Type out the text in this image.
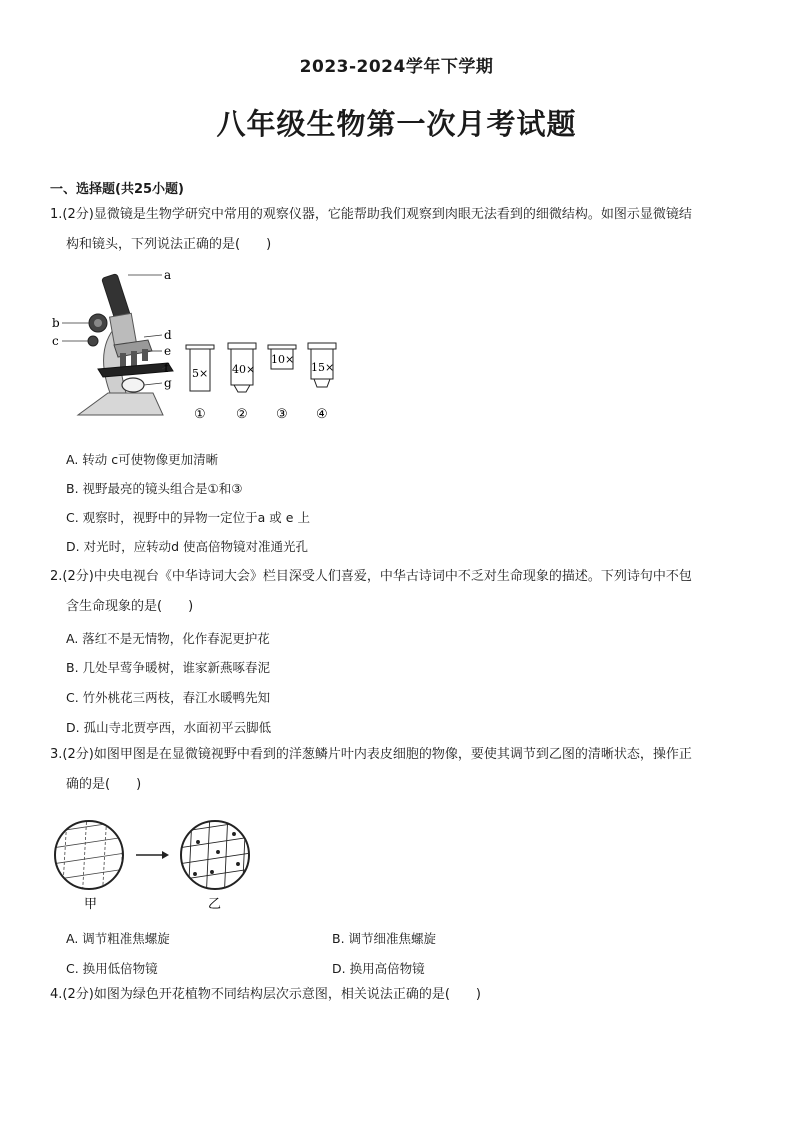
2023-2024学年下学期
八年级生物第一次月考试题
一、选择题(共25小题)
1.(2分)显微镜是生物学研究中常用的观察仪器，它能帮助我们观察到肉眼无法看到的细微结构。如图示显微镜结
构和镜头，下列说法正确的是(　　)
a
b
c	d
e
f
g
5×
①
40×
②
10×
③
15×
④
A. 转动 c可使物像更加清晰
B. 视野最亮的镜头组合是①和③
C. 观察时，视野中的异物一定位于a 或 e 上
D. 对光时，应转动d 使高倍物镜对准通光孔
2.(2分)中央电视台《中华诗词大会》栏目深受人们喜爱，中华古诗词中不乏对生命现象的描述。下列诗句中不包
含生命现象的是(　　)
A. 落红不是无情物，化作春泥更护花
B. 几处早莺争暖树，谁家新燕啄春泥
C. 竹外桃花三两枝，春江水暖鸭先知
D. 孤山寺北贾亭西，水面初平云脚低
3.(2分)如图甲图是在显微镜视野中看到的洋葱鳞片叶内表皮细胞的物像，要使其调节到乙图的清晰状态，操作正
确的是(　　)
甲	乙
A. 调节粗准焦螺旋	B. 调节细准焦螺旋
C. 换用低倍物镜	D. 换用高倍物镜
4.(2分)如图为绿色开花植物不同结构层次示意图，相关说法正确的是(　　)
